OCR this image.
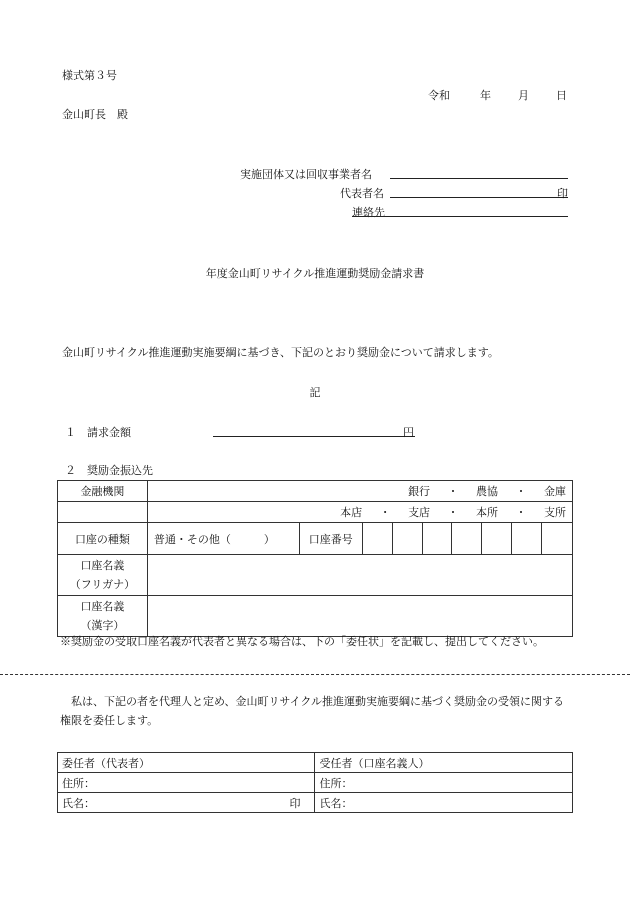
様式第３号
令和	年 月 日
金山町長　殿
実施団体又は回収事業者名
代表者名	印
連絡先
年度金山町リサイクル推進運動奨励金請求書
金山町リサイクル推進運動実施要綱に基づき、下記のとおり奨励金について請求します。
記
１　請求金額	円
２　奨励金振込先
金融機関	銀行 ・ 農協 ・ 金庫								
	本店 ・ 支店 ・ 本所 ・ 支所								
口座の種類	普通・その他（　　　）	口座番号							

口座名義
（フリガナ）									

口座名義
（漢字）									

※奨励金の受取口座名義が代表者と異なる場合は、下の「委任状」を記載し、提出してください。
私は、下記の者を代理人と定め、金山町リサイクル推進運動実施要綱に基づく奨励金の受領に関する権限を委任します。
委任者（代表者）	受任者（口座名義人）
住所：	住所：
氏名： 印	氏名：
